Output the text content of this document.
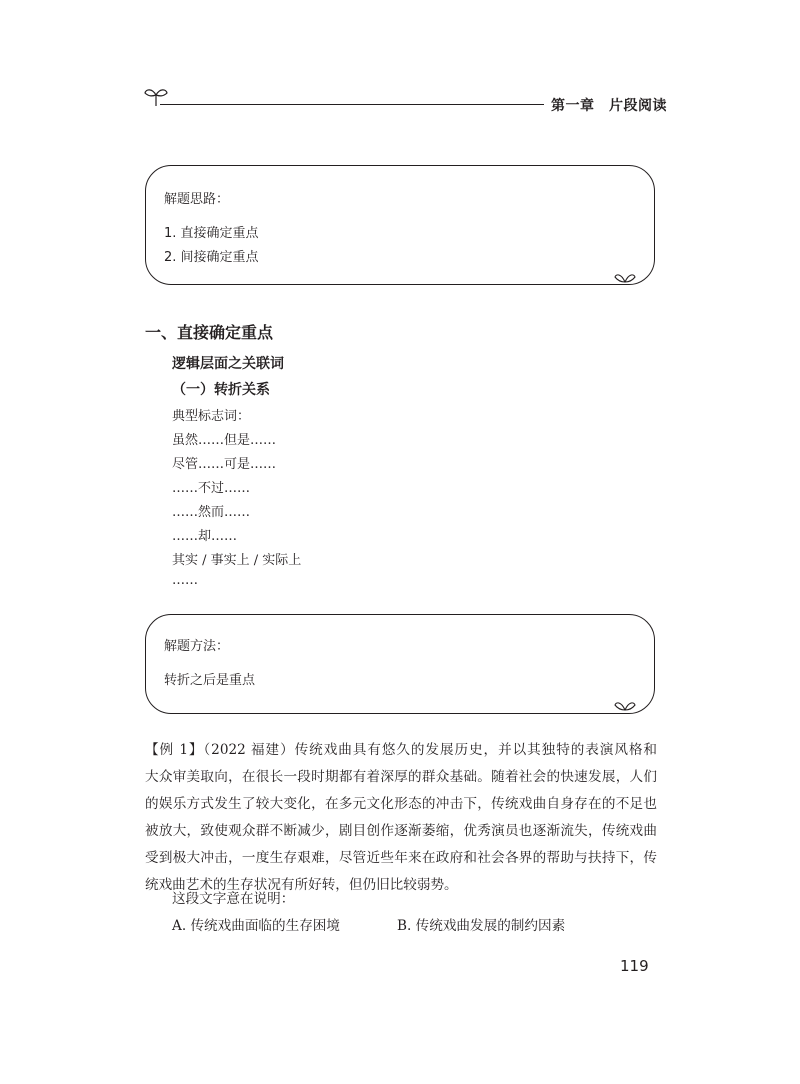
第一章　片段阅读
解题思路：
1. 直接确定重点
2. 间接确定重点
一、直接确定重点
逻辑层面之关联词
（一）转折关系
典型标志词：
虽然……但是……
尽管……可是……
……不过……
……然而……
……却……
其实 / 事实上 / 实际上
……
解题方法：
转折之后是重点
【例 1】（2022 福建）传统戏曲具有悠久的发展历史，并以其独特的表演风格和
大众审美取向，在很长一段时期都有着深厚的群众基础。随着社会的快速发展，人们
的娱乐方式发生了较大变化，在多元文化形态的冲击下，传统戏曲自身存在的不足也
被放大，致使观众群不断减少，剧目创作逐渐萎缩，优秀演员也逐渐流失，传统戏曲
受到极大冲击，一度生存艰难，尽管近些年来在政府和社会各界的帮助与扶持下，传
统戏曲艺术的生存状况有所好转，但仍旧比较弱势。
这段文字意在说明：
A. 传统戏曲面临的生存困境	B. 传统戏曲发展的制约因素
119
